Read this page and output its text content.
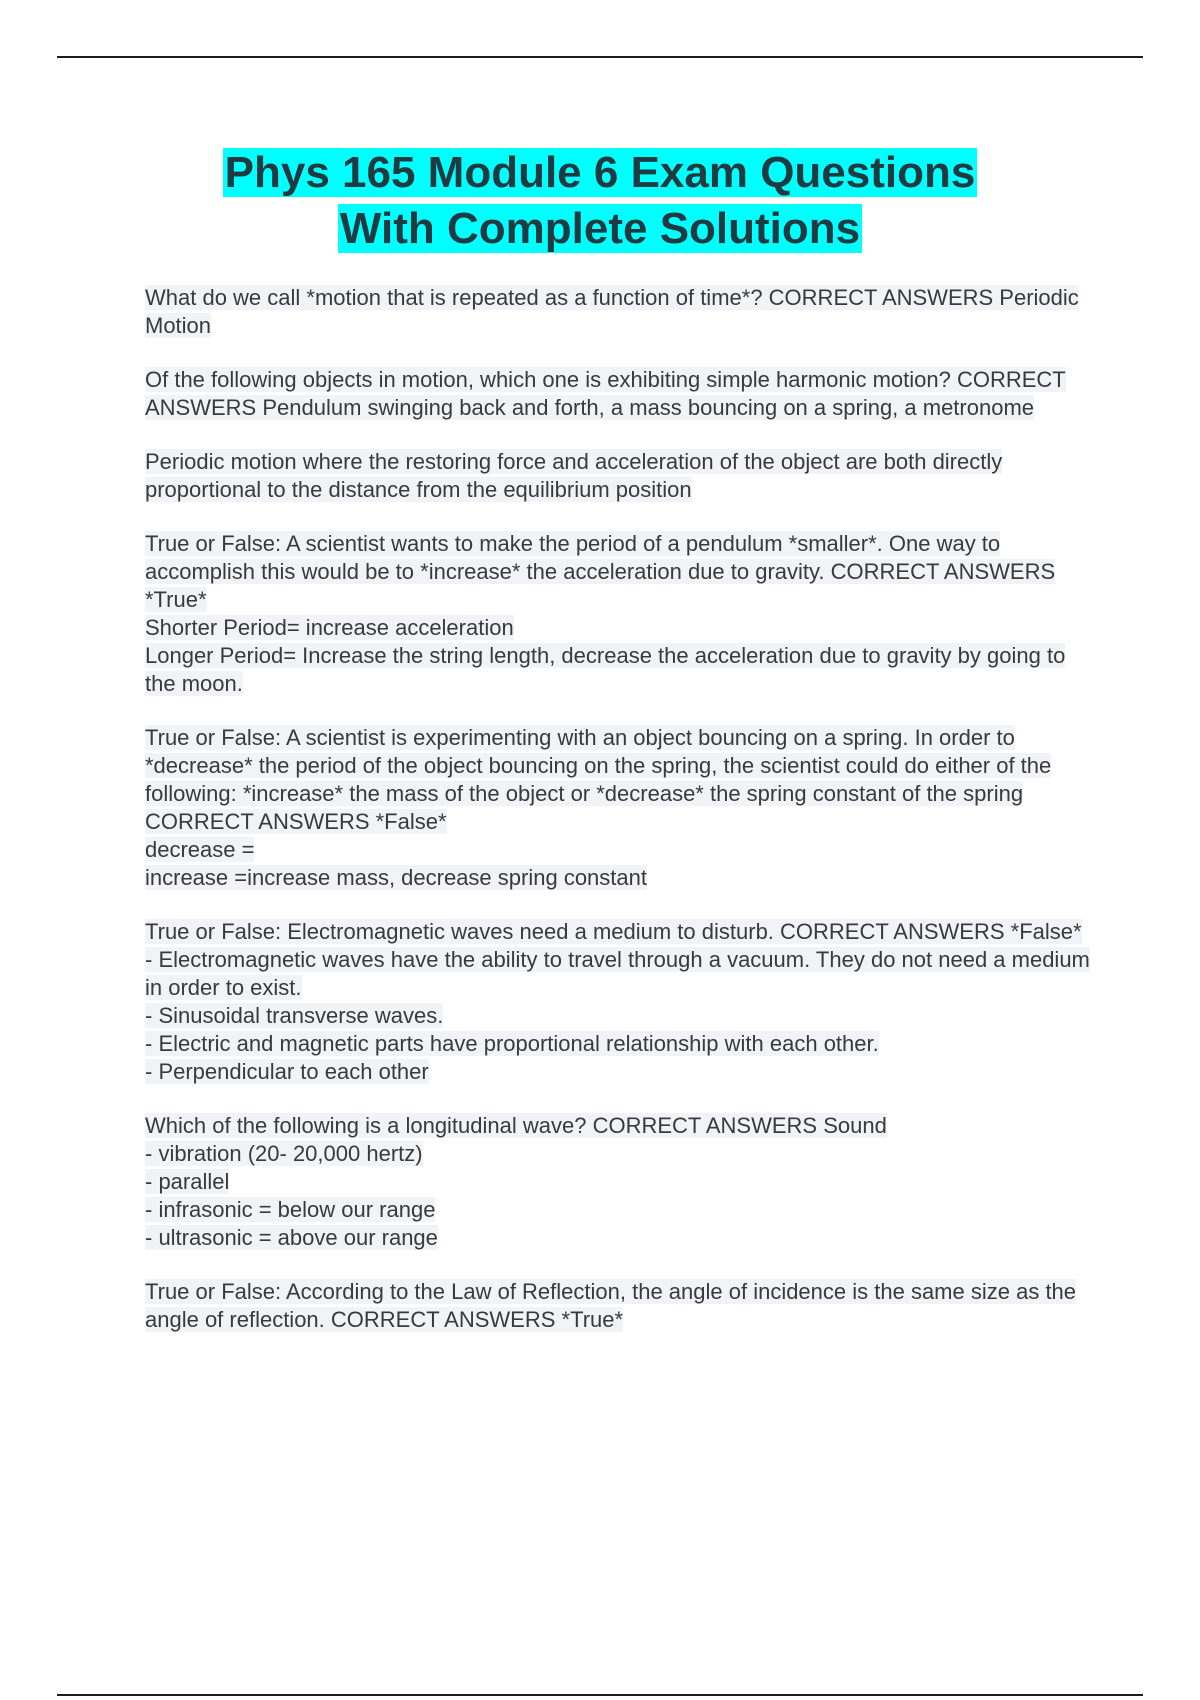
Phys 165 Module 6 Exam Questions
With Complete Solutions

What do we call *motion that is repeated as a function of time*? CORRECT ANSWERS Periodic Motion

Of the following objects in motion, which one is exhibiting simple harmonic motion? CORRECT ANSWERS Pendulum swinging back and forth, a mass bouncing on a spring, a metronome

Periodic motion where the restoring force and acceleration of the object are both directly proportional to the distance from the equilibrium position

True or False: A scientist wants to make the period of a pendulum *smaller*. One way to accomplish this would be to *increase* the acceleration due to gravity. CORRECT ANSWERS *True*
Shorter Period= increase acceleration
Longer Period= Increase the string length, decrease the acceleration due to gravity by going to the moon.

True or False: A scientist is experimenting with an object bouncing on a spring. In order to *decrease* the period of the object bouncing on the spring, the scientist could do either of the following: *increase* the mass of the object or *decrease* the spring constant of the spring CORRECT ANSWERS *False*
decrease =
increase =increase mass, decrease spring constant

True or False: Electromagnetic waves need a medium to disturb. CORRECT ANSWERS *False*
- Electromagnetic waves have the ability to travel through a vacuum. They do not need a medium in order to exist.
- Sinusoidal transverse waves.
- Electric and magnetic parts have proportional relationship with each other.
- Perpendicular to each other

Which of the following is a longitudinal wave? CORRECT ANSWERS Sound
- vibration (20- 20,000 hertz)
- parallel
- infrasonic = below our range
- ultrasonic = above our range

True or False: According to the Law of Reflection, the angle of incidence is the same size as the angle of reflection. CORRECT ANSWERS *True*
